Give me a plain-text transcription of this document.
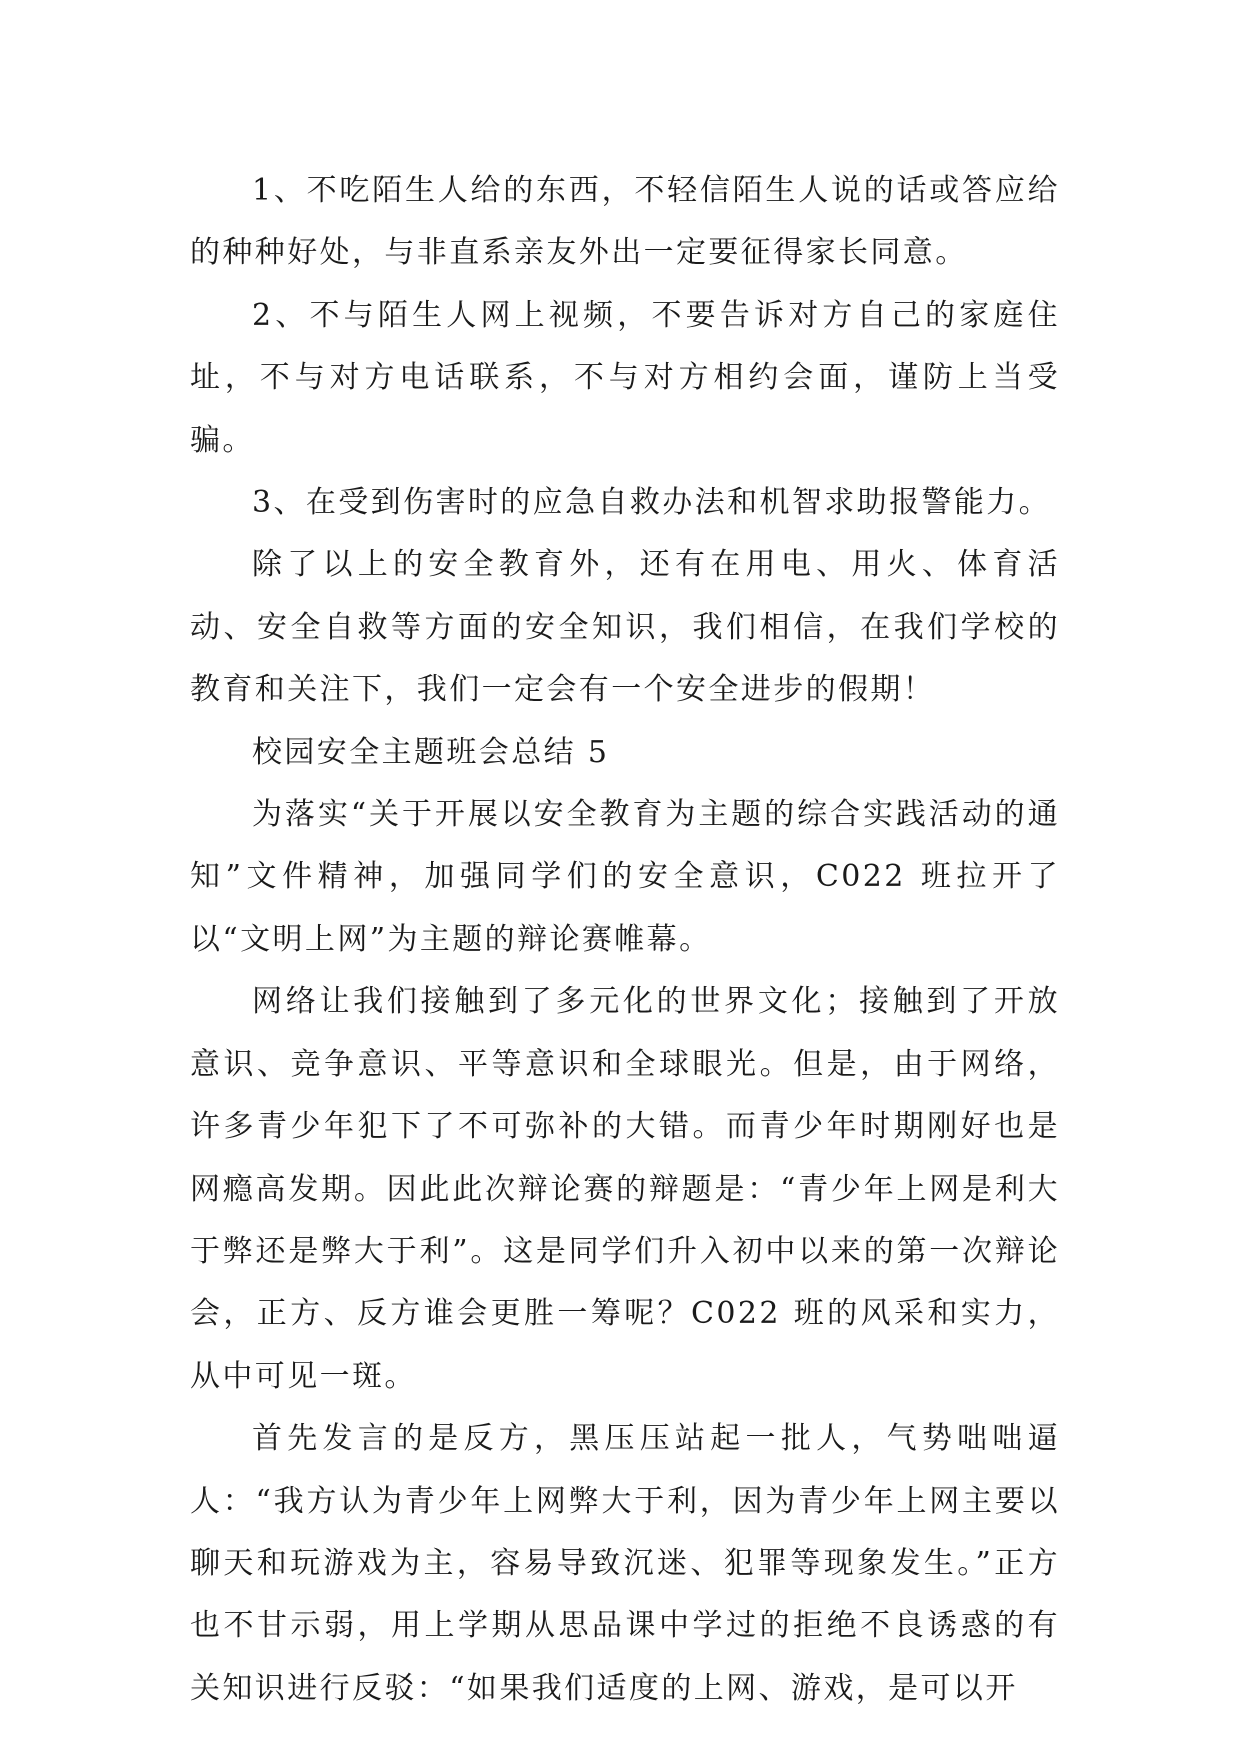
1、不吃陌生人给的东西，不轻信陌生人说的话或答应给的种种好处，与非直系亲友外出一定要征得家长同意。

2、不与陌生人网上视频，不要告诉对方自己的家庭住址，不与对方电话联系，不与对方相约会面，谨防上当受骗。

3、在受到伤害时的应急自救办法和机智求助报警能力。

除了以上的安全教育外，还有在用电、用火、体育活动、安全自救等方面的安全知识，我们相信，在我们学校的教育和关注下，我们一定会有一个安全进步的假期！

校园安全主题班会总结 5

为落实“关于开展以安全教育为主题的综合实践活动的通知”文件精神，加强同学们的安全意识，C022 班拉开了以“文明上网”为主题的辩论赛帷幕。

网络让我们接触到了多元化的世界文化；接触到了开放意识、竞争意识、平等意识和全球眼光。但是，由于网络，许多青少年犯下了不可弥补的大错。而青少年时期刚好也是网瘾高发期。因此此次辩论赛的辩题是：“青少年上网是利大于弊还是弊大于利”。这是同学们升入初中以来的第一次辩论会，正方、反方谁会更胜一筹呢？C022 班的风采和实力，从中可见一斑。

首先发言的是反方，黑压压站起一批人，气势咄咄逼人：“我方认为青少年上网弊大于利，因为青少年上网主要以聊天和玩游戏为主，容易导致沉迷、犯罪等现象发生。”正方也不甘示弱，用上学期从思品课中学过的拒绝不良诱惑的有关知识进行反驳：“如果我们适度的上网、游戏，是可以开
